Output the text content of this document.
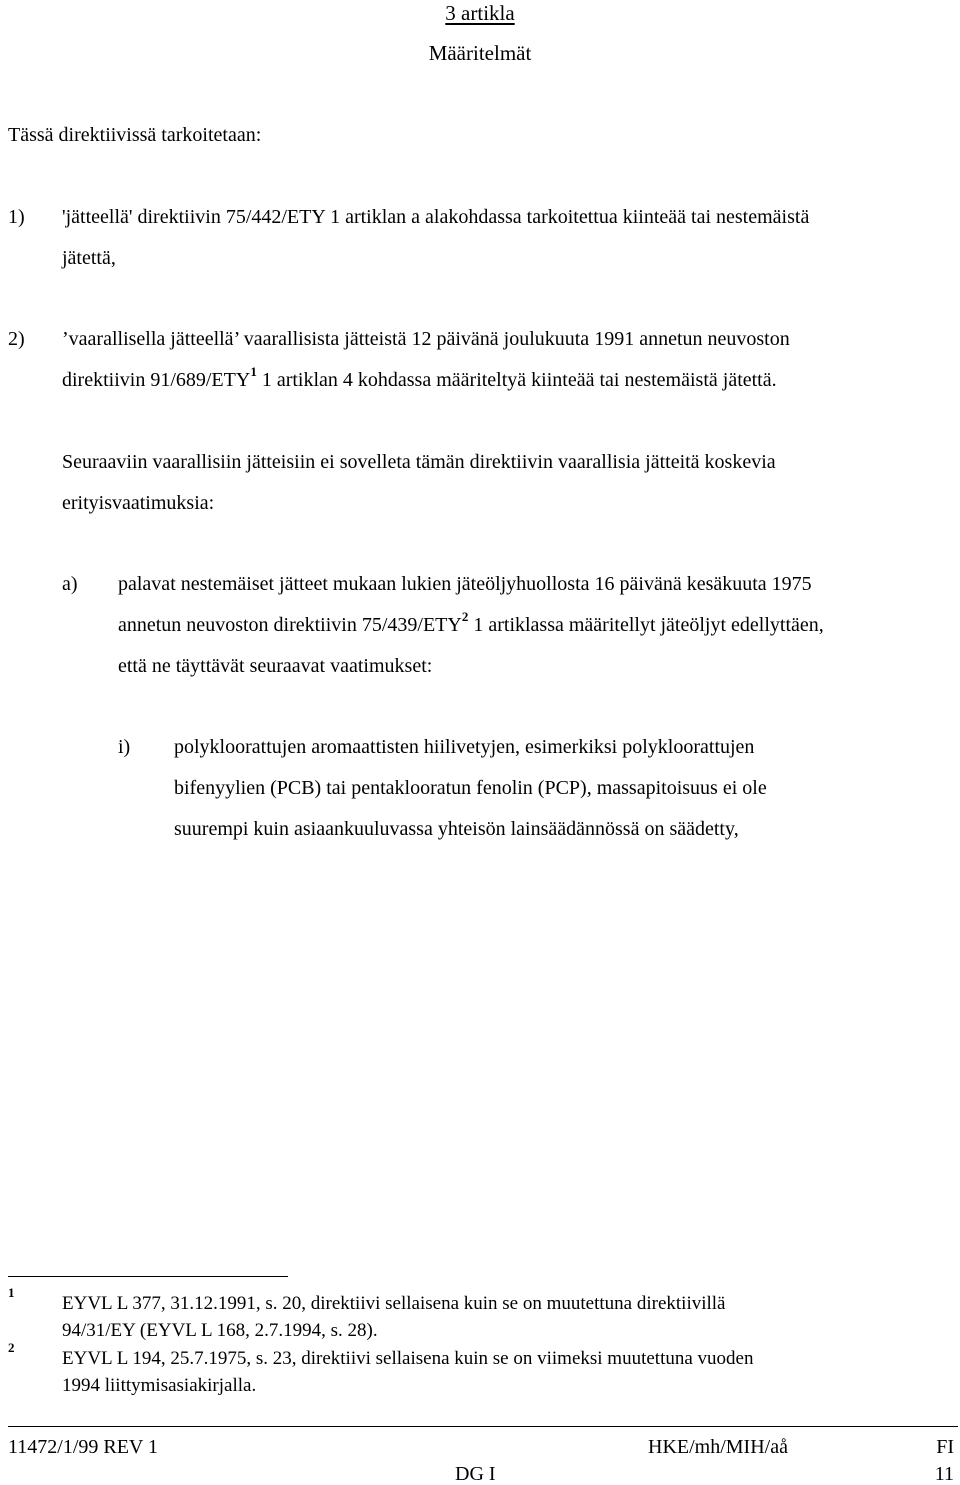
3 artikla
Määritelmät
Tässä direktiivissä tarkoitetaan:
1) 'jätteellä' direktiivin 75/442/ETY 1 artiklan a alakohdassa tarkoitettua kiinteää tai nestemäistä
jätettä,
2) ’vaarallisella jätteellä’ vaarallisista jätteistä 12 päivänä joulukuuta 1991 annetun neuvoston
direktiivin 91/689/ETY$^1$ 1 artiklan 4 kohdassa määriteltyä kiinteää tai nestemäistä jätettä.
Seuraaviin vaarallisiin jätteisiin ei sovelleta tämän direktiivin vaarallisia jätteitä koskevia
erityisvaatimuksia:
a) palavat nestemäiset jätteet mukaan lukien jäteöljyhuollosta 16 päivänä kesäkuuta 1975
annetun neuvoston direktiivin 75/439/ETY$^2$ 1 artiklassa määritellyt jäteöljyt edellyttäen,
että ne täyttävät seuraavat vaatimukset:
i) polyklоorattujen aromaattisten hiilivetyjen, esimerkiksi polyklоorattujen
bifenyylien (PCB) tai pentaklоoratun fenolin (PCP), massapitoisuus ei ole
suurempi kuin asiaankuuluvassa yhteisön lainsäädännössä on säädetty,
1
EYVL L 377, 31.12.1991, s. 20, direktiivi sellaisena kuin se on muutettuna direktiivillä
94/31/EY (EYVL L 168, 2.7.1994, s. 28).
2
EYVL L 194, 25.7.1975, s. 23, direktiivi sellaisena kuin se on viimeksi muutettuna vuoden
1994 liittymisasiakirjalla.
11472/1/99 REV 1	HKE/mh/MIH/aå	FI
DG I	11
